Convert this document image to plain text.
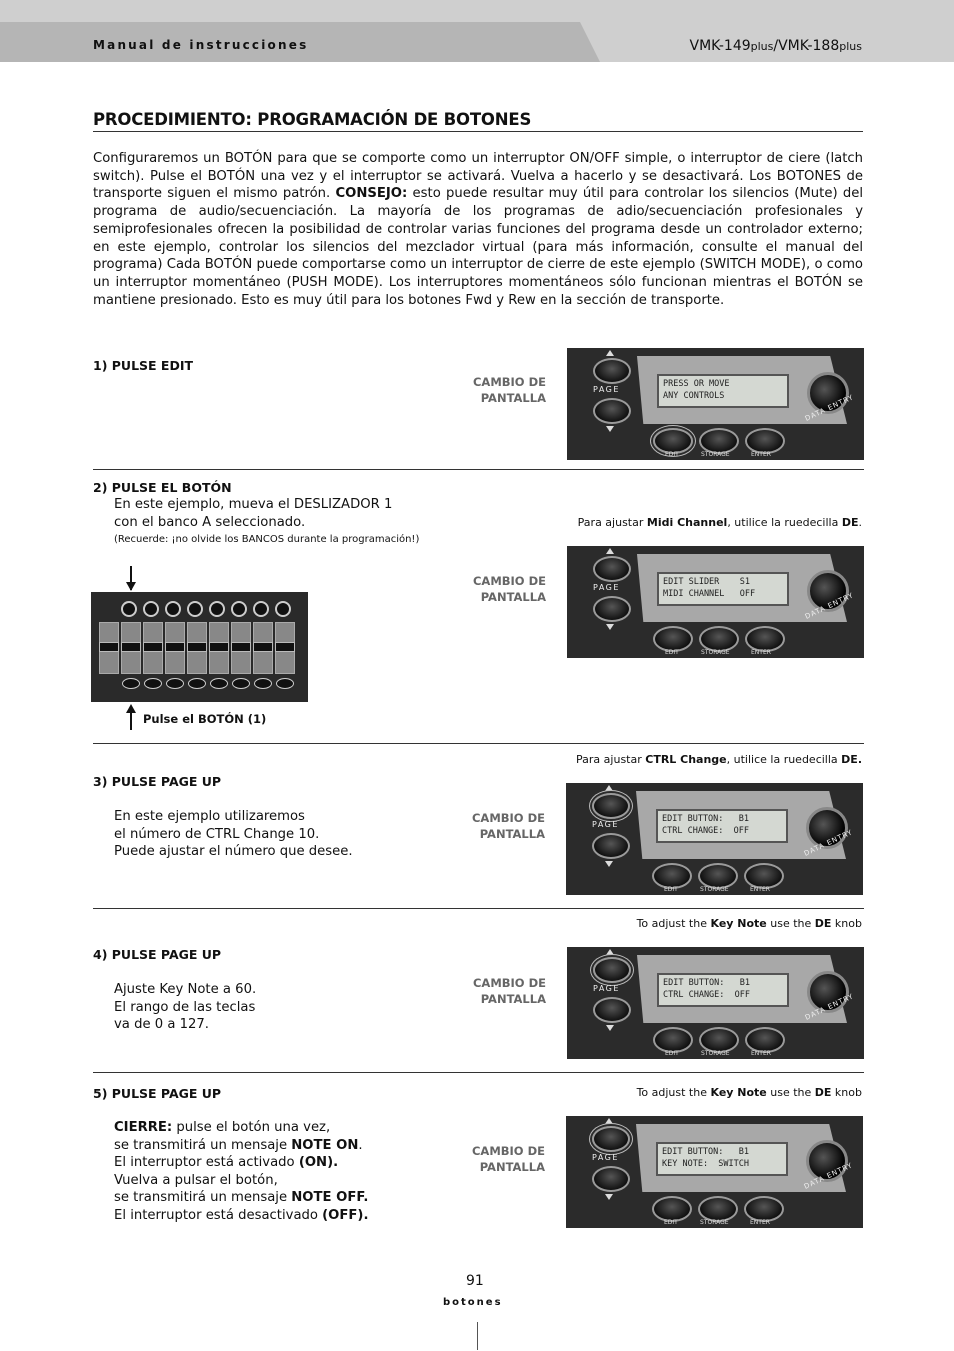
Manual de instrucciones	VMK-149plus/VMK-188plus
PROCEDIMIENTO: PROGRAMACIÓN DE BOTONES
Configuraremos un BOTÓN para que se comporte como un interruptor ON/OFF simple, o interruptor de ciere (latch switch). Pulse el BOTÓN una vez y el interruptor se activará. Vuelva a hacerlo y se desactivará. Los BOTONES de transporte siguen el mismo patrón. CONSEJO: esto puede resultar muy útil para controlar los silencios (Mute) del programa de audio/secuenciación. La mayoría de los programas de adio/secuenciación profesionales y semiprofesionales ofrecen la posibilidad de controlar varias funciones del programa desde un controlador externo; en este ejemplo, controlar los silencios del mezclador virtual (para más información, consulte el manual del programa) Cada BOTÓN puede comportarse como un interruptor de cierre de este ejemplo (SWITCH MODE), o como un interruptor momentáneo (PUSH MODE). Los interruptores momentáneos sólo funcionan mientras el BOTÓN se mantiene presionado. Esto es muy útil para los botones Fwd y Rew en la sección de transporte.
1) PULSE EDIT
CAMBIO DE
PANTALLA
PAGE
PRESS OR MOVE
ANY CONTROLS	DATA ENTRY
EDIT	STORAGE	ENTER
2) PULSE EL BOTÓN
En este ejemplo, mueva el DESLIZADOR 1
con el banco A seleccionado.
(Recuerde: ¡no olvide los BANCOS durante la programación!)
Para ajustar Midi Channel, utilice la ruedecilla DE.
CAMBIO DE
PANTALLA
PAGE
EDIT SLIDER    S1
MIDI CHANNEL   OFF	DATA ENTRY
EDIT	STORAGE	ENTER
Pulse el BOTÓN (1)
Para ajustar CTRL Change, utilice la ruedecilla DE.
3) PULSE PAGE UP
En este ejemplo utilizaremos
el número de CTRL Change 10.
Puede ajustar el número que desee.
CAMBIO DE
PANTALLA
PAGE
EDIT BUTTON:   B1
CTRL CHANGE:  OFF	DATA ENTRY
EDIT	STORAGE	ENTER
To adjust the Key Note use the DE knob
4) PULSE PAGE UP
Ajuste Key Note a 60.
El rango de las teclas
va de 0 a 127.
CAMBIO DE
PANTALLA
PAGE
EDIT BUTTON:   B1
CTRL CHANGE:  OFF	DATA ENTRY
EDIT	STORAGE	ENTER
To adjust the Key Note use the DE knob
5) PULSE PAGE UP
CIERRE: pulse el botón una vez,
se transmitirá un mensaje NOTE ON.
El interruptor está activado (ON).
Vuelva a pulsar el botón,
se transmitirá un mensaje NOTE OFF.
El interruptor está desactivado (OFF).
CAMBIO DE
PANTALLA
PAGE
EDIT BUTTON:   B1
KEY NOTE:  SWITCH	DATA ENTRY
EDIT	STORAGE	ENTER
91
botones
